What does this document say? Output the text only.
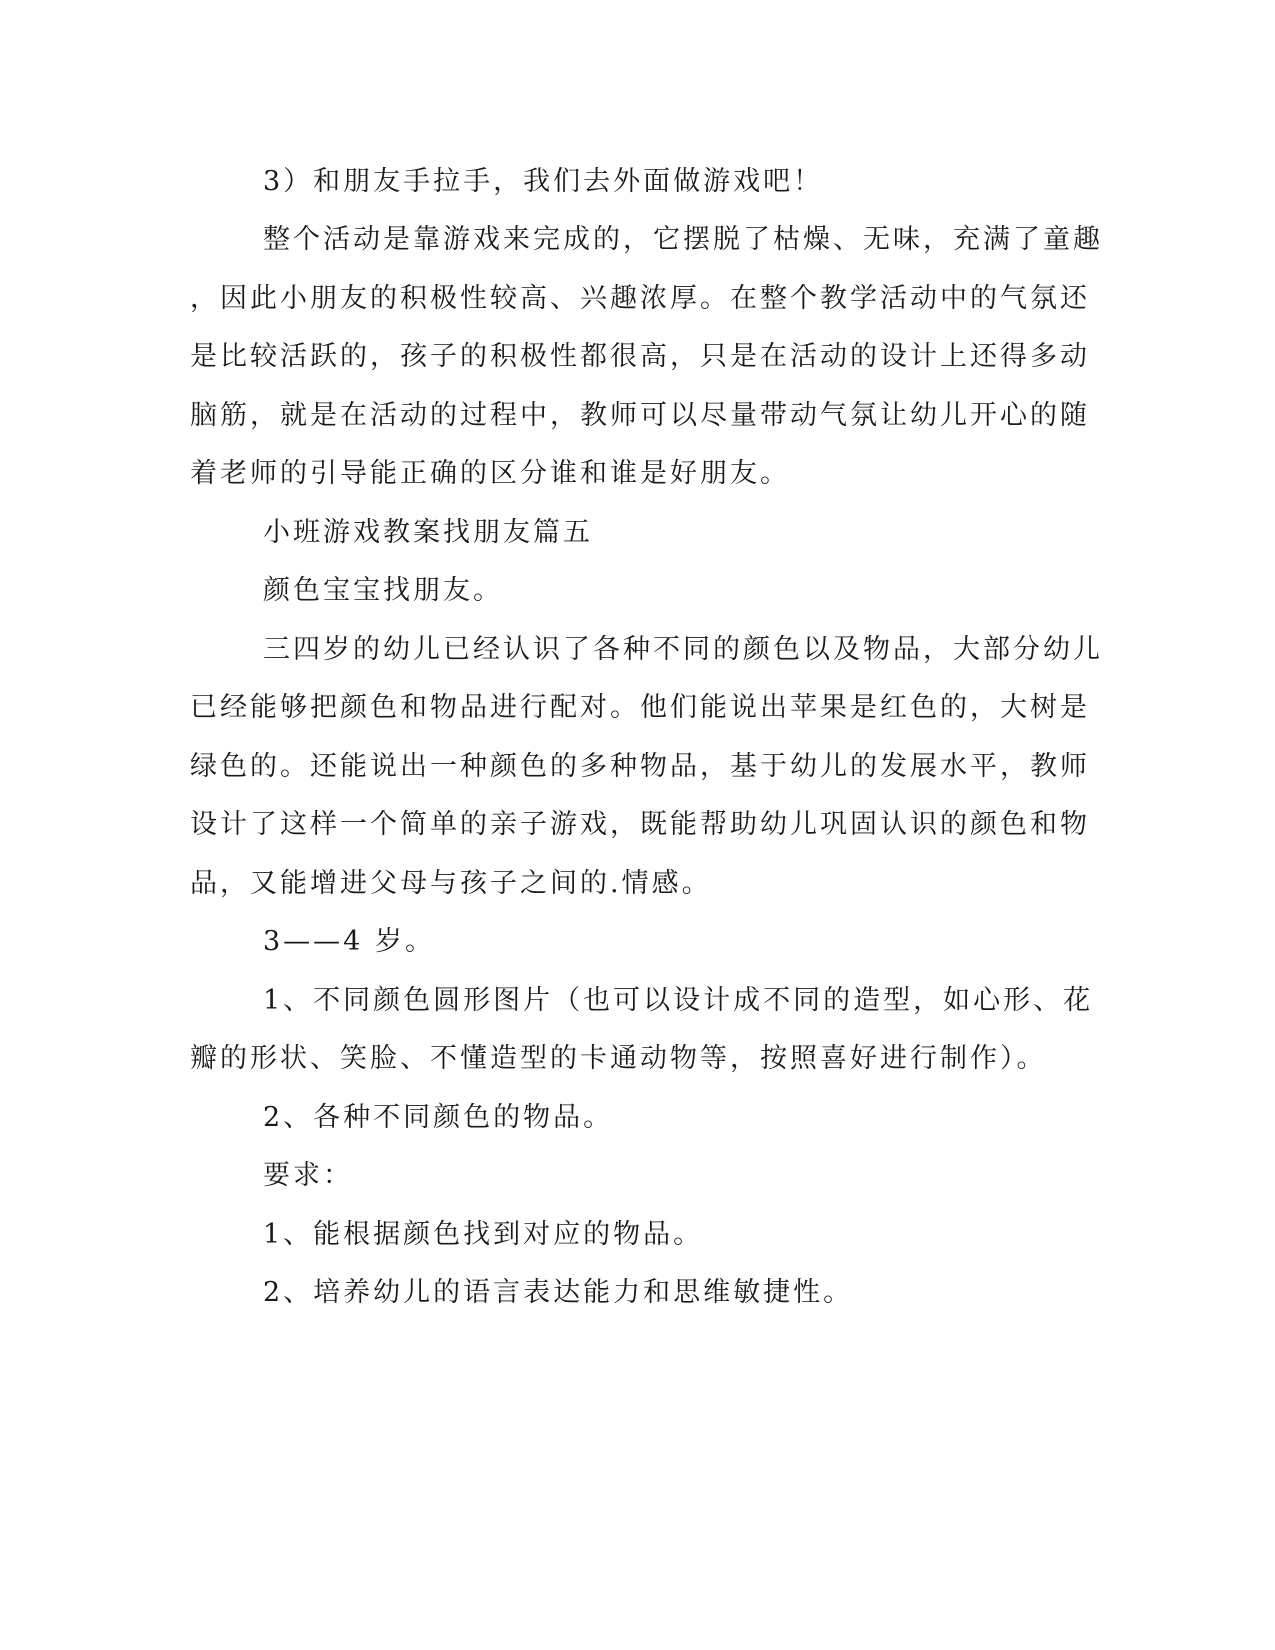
3）和朋友手拉手，我们去外面做游戏吧！
整个活动是靠游戏来完成的，它摆脱了枯燥、无味，充满了童趣
，因此小朋友的积极性较高、兴趣浓厚。在整个教学活动中的气氛还
是比较活跃的，孩子的积极性都很高，只是在活动的设计上还得多动
脑筋，就是在活动的过程中，教师可以尽量带动气氛让幼儿开心的随
着老师的引导能正确的区分谁和谁是好朋友。
小班游戏教案找朋友篇五
颜色宝宝找朋友。
三四岁的幼儿已经认识了各种不同的颜色以及物品，大部分幼儿
已经能够把颜色和物品进行配对。他们能说出苹果是红色的，大树是
绿色的。还能说出一种颜色的多种物品，基于幼儿的发展水平，教师
设计了这样一个简单的亲子游戏，既能帮助幼儿巩固认识的颜色和物
品，又能增进父母与孩子之间的.情感。
3——4 岁。
1、不同颜色圆形图片（也可以设计成不同的造型，如心形、花
瓣的形状、笑脸、不懂造型的卡通动物等，按照喜好进行制作）。
2、各种不同颜色的物品。
要求：
1、能根据颜色找到对应的物品。
2、培养幼儿的语言表达能力和思维敏捷性。
